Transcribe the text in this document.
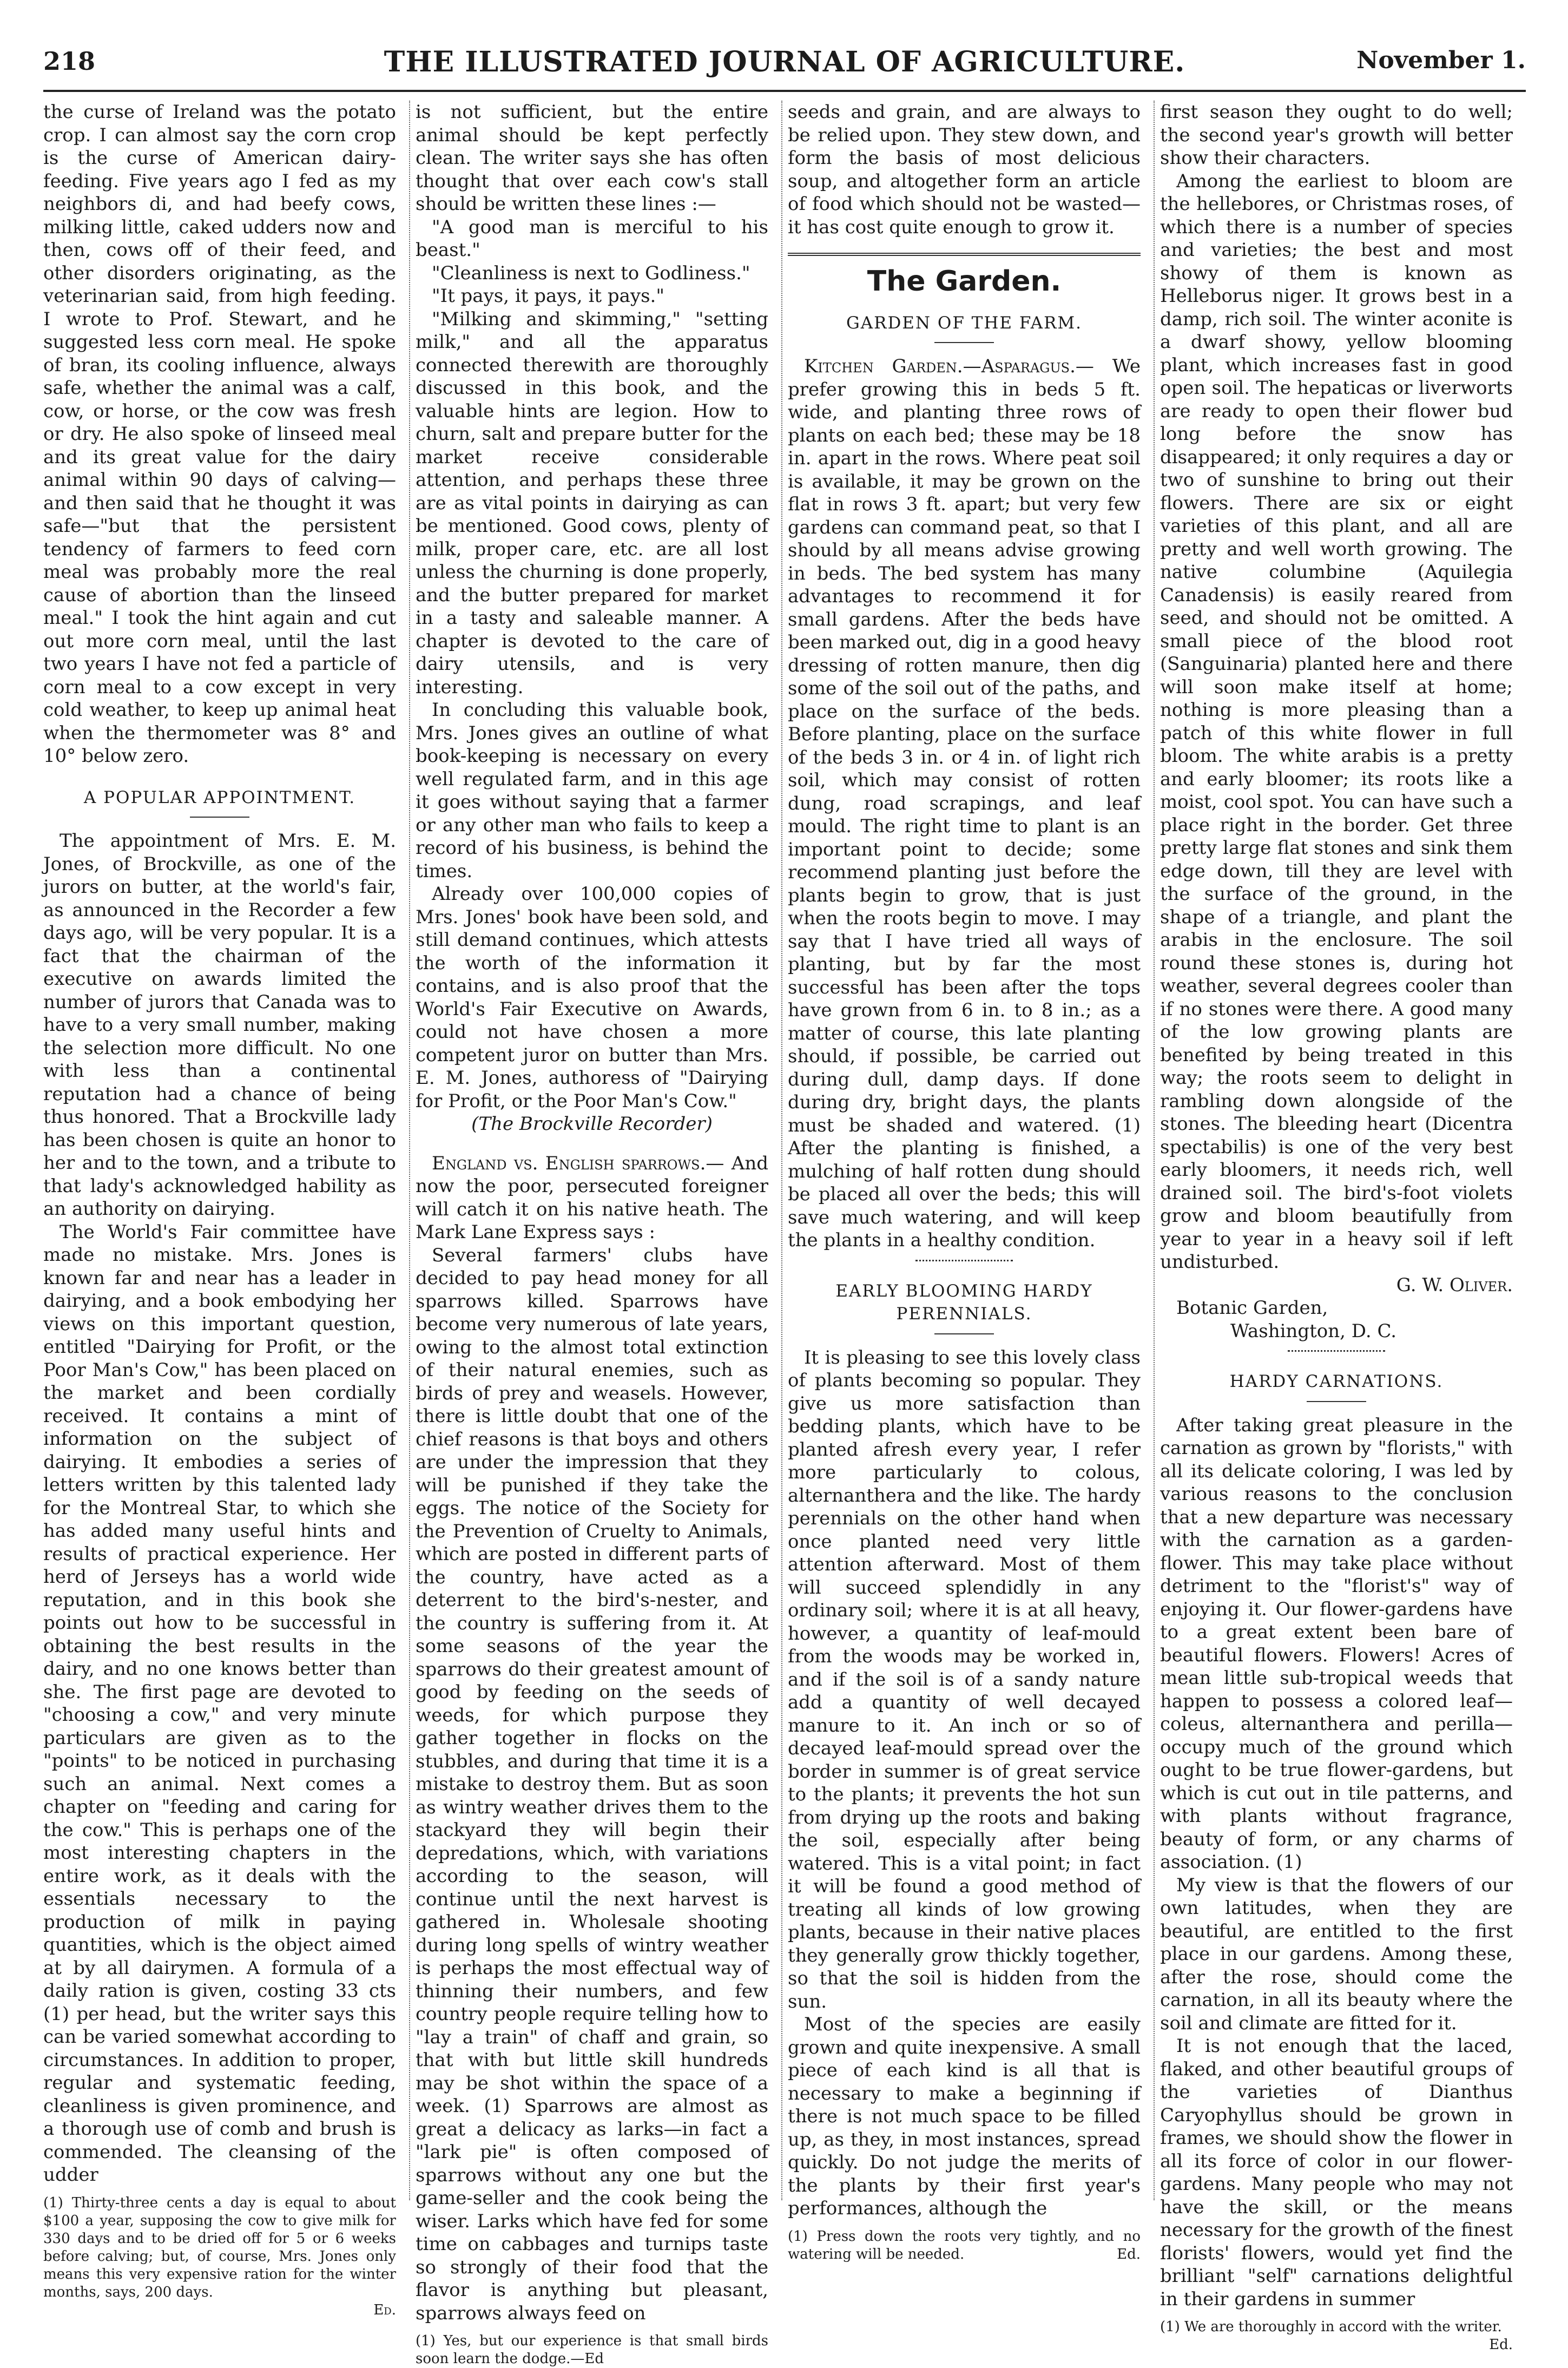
218	THE ILLUSTRATED JOURNAL OF AGRICULTURE.	November 1.

the curse of Ireland was the potato crop. I can almost say the corn crop is the curse of American dairy-feeding. Five years ago I fed as my neighbors di, and had beefy cows, milking little, caked udders now and then, cows off of their feed, and other disorders originating, as the veterinarian said, from high feeding. I wrote to Prof. Stewart, and he suggested less corn meal. He spoke of bran, its cooling influence, always safe, whether the animal was a calf, cow, or horse, or the cow was fresh or dry. He also spoke of linseed meal and its great value for the dairy animal within 90 days of calving—and then said that he thought it was safe—"but that the persistent tendency of farmers to feed corn meal was probably more the real cause of abortion than the linseed meal." I took the hint again and cut out more corn meal, until the last two years I have not fed a particle of corn meal to a cow except in very cold weather, to keep up animal heat when the thermometer was 8° and 10° below zero.

A POPULAR APPOINTMENT.

The appointment of Mrs. E. M. Jones, of Brockville, as one of the jurors on butter, at the world's fair, as announced in the Recorder a few days ago, will be very popular. It is a fact that the chairman of the executive on awards limited the number of jurors that Canada was to have to a very small number, making the selection more difficult. No one with less than a continental reputation had a chance of being thus honored. That a Brockville lady has been chosen is quite an honor to her and to the town, and a tribute to that lady's acknowledged hability as an authority on dairying.

The World's Fair committee have made no mistake. Mrs. Jones is known far and near has a leader in dairying, and a book embodying her views on this important question, entitled "Dairying for Profit, or the Poor Man's Cow," has been placed on the market and been cordially received. It contains a mint of information on the subject of dairying. It embodies a series of letters written by this talented lady for the Montreal Star, to which she has added many useful hints and results of practical experience. Her herd of Jerseys has a world wide reputation, and in this book she points out how to be successful in obtaining the best results in the dairy, and no one knows better than she. The first page are devoted to "choosing a cow," and very minute particulars are given as to the "points" to be noticed in purchasing such an animal. Next comes a chapter on "feeding and caring for the cow." This is perhaps one of the most interesting chapters in the entire work, as it deals with the essentials necessary to the production of milk in paying quantities, which is the object aimed at by all dairymen. A formula of a daily ration is given, costing 33 cts (1) per head, but the writer says this can be varied somewhat according to circumstances. In addition to proper, regular and systematic feeding, cleanliness is given prominence, and a thorough use of comb and brush is commended. The cleansing of the udder

(1) Thirty-three cents a day is equal to about $100 a year, supposing the cow to give milk for 330 days and to be dried off for 5 or 6 weeks before calving; but, of course, Mrs. Jones only means this very expensive ration for the winter months, says, 200 days.
Ed.

is not sufficient, but the entire animal should be kept perfectly clean. The writer says she has often thought that over each cow's stall should be written these lines :—

"A good man is merciful to his beast."

"Cleanliness is next to Godliness."

"It pays, it pays, it pays."

"Milking and skimming," "setting milk," and all the apparatus connected therewith are thoroughly discussed in this book, and the valuable hints are legion. How to churn, salt and prepare butter for the market receive considerable attention, and perhaps these three are as vital points in dairying as can be mentioned. Good cows, plenty of milk, proper care, etc. are all lost unless the churning is done properly, and the butter prepared for market in a tasty and saleable manner. A chapter is devoted to the care of dairy utensils, and is very interesting.

In concluding this valuable book, Mrs. Jones gives an outline of what book-keeping is necessary on every well regulated farm, and in this age it goes without saying that a farmer or any other man who fails to keep a record of his business, is behind the times.

Already over 100,000 copies of Mrs. Jones' book have been sold, and still demand continues, which attests the worth of the information it contains, and is also proof that the World's Fair Executive on Awards, could not have chosen a more competent juror on butter than Mrs. E. M. Jones, authoress of "Dairying for Profit, or the Poor Man's Cow."

(The Brockville Recorder)

England vs. English sparrows.— And now the poor, persecuted foreigner will catch it on his native heath. The Mark Lane Express says :

Several farmers' clubs have decided to pay head money for all sparrows killed. Sparrows have become very numerous of late years, owing to the almost total extinction of their natural enemies, such as birds of prey and weasels. However, there is little doubt that one of the chief reasons is that boys and others are under the impression that they will be punished if they take the eggs. The notice of the Society for the Prevention of Cruelty to Animals, which are posted in different parts of the country, have acted as a deterrent to the bird's-nester, and the country is suffering from it. At some seasons of the year the sparrows do their greatest amount of good by feeding on the seeds of weeds, for which purpose they gather together in flocks on the stubbles, and during that time it is a mistake to destroy them. But as soon as wintry weather drives them to the stackyard they will begin their depredations, which, with variations according to the season, will continue until the next harvest is gathered in. Wholesale shooting during long spells of wintry weather is perhaps the most effectual way of thinning their numbers, and few country people require telling how to "lay a train" of chaff and grain, so that with but little skill hundreds may be shot within the space of a week. (1) Sparrows are almost as great a delicacy as larks—in fact a "lark pie" is often composed of sparrows without any one but the game-seller and the cook being the wiser. Larks which have fed for some time on cabbages and turnips taste so strongly of their food that the flavor is anything but pleasant, sparrows always feed on

(1) Yes, but our experience is that small birds soon learn the dodge.—Ed

seeds and grain, and are always to be relied upon. They stew down, and form the basis of most delicious soup, and altogether form an article of food which should not be wasted—it has cost quite enough to grow it.

The Garden.
GARDEN OF THE FARM.

Kitchen Garden.—Asparagus.— We prefer growing this in beds 5 ft. wide, and planting three rows of plants on each bed; these may be 18 in. apart in the rows. Where peat soil is available, it may be grown on the flat in rows 3 ft. apart; but very few gardens can command peat, so that I should by all means advise growing in beds. The bed system has many advantages to recommend it for small gardens. After the beds have been marked out, dig in a good heavy dressing of rotten manure, then dig some of the soil out of the paths, and place on the surface of the beds. Before planting, place on the surface of the beds 3 in. or 4 in. of light rich soil, which may consist of rotten dung, road scrapings, and leaf mould. The right time to plant is an important point to decide; some recommend planting just before the plants begin to grow, that is just when the roots begin to move. I may say that I have tried all ways of planting, but by far the most successful has been after the tops have grown from 6 in. to 8 in.; as a matter of course, this late planting should, if possible, be carried out during dull, damp days. If done during dry, bright days, the plants must be shaded and watered. (1) After the planting is finished, a mulching of half rotten dung should be placed all over the beds; this will save much watering, and will keep the plants in a healthy condition.

EARLY BLOOMING HARDY PERENNIALS.

It is pleasing to see this lovely class of plants becoming so popular. They give us more satisfaction than bedding plants, which have to be planted afresh every year, I refer more particularly to colous, alternanthera and the like. The hardy perennials on the other hand when once planted need very little attention afterward. Most of them will succeed splendidly in any ordinary soil; where it is at all heavy, however, a quantity of leaf-mould from the woods may be worked in, and if the soil is of a sandy nature add a quantity of well decayed manure to it. An inch or so of decayed leaf-mould spread over the border in summer is of great service to the plants; it prevents the hot sun from drying up the roots and baking the soil, especially after being watered. This is a vital point; in fact it will be found a good method of treating all kinds of low growing plants, because in their native places they generally grow thickly together, so that the soil is hidden from the sun.

Most of the species are easily grown and quite inexpensive. A small piece of each kind is all that is necessary to make a beginning if there is not much space to be filled up, as they, in most instances, spread quickly. Do not judge the merits of the plants by their first year's performances, although the

(1) Press down the roots very tightly, and no watering will be needed.	Ed.

first season they ought to do well; the second year's growth will better show their characters.

Among the earliest to bloom are the hellebores, or Christmas roses, of which there is a number of species and varieties; the best and most showy of them is known as Helleborus niger. It grows best in a damp, rich soil. The winter aconite is a dwarf showy, yellow blooming plant, which increases fast in good open soil. The hepaticas or liverworts are ready to open their flower bud long before the snow has disappeared; it only requires a day or two of sunshine to bring out their flowers. There are six or eight varieties of this plant, and all are pretty and well worth growing. The native columbine (Aquilegia Canadensis) is easily reared from seed, and should not be omitted. A small piece of the blood root (Sanguinaria) planted here and there will soon make itself at home; nothing is more pleasing than a patch of this white flower in full bloom. The white arabis is a pretty and early bloomer; its roots like a moist, cool spot. You can have such a place right in the border. Get three pretty large flat stones and sink them edge down, till they are level with the surface of the ground, in the shape of a triangle, and plant the arabis in the enclosure. The soil round these stones is, during hot weather, several degrees cooler than if no stones were there. A good many of the low growing plants are benefited by being treated in this way; the roots seem to delight in rambling down alongside of the stones. The bleeding heart (Dicentra spectabilis) is one of the very best early bloomers, it needs rich, well drained soil. The bird's-foot violets grow and bloom beautifully from year to year in a heavy soil if left undisturbed.

G. W. Oliver.

Botanic Garden,

Washington, D. C.

HARDY CARNATIONS.

After taking great pleasure in the carnation as grown by "florists," with all its delicate coloring, I was led by various reasons to the conclusion that a new departure was necessary with the carnation as a garden-flower. This may take place without detriment to the "florist's" way of enjoying it. Our flower-gardens have to a great extent been bare of beautiful flowers. Flowers! Acres of mean little sub-tropical weeds that happen to possess a colored leaf—coleus, alternanthera and perilla—occupy much of the ground which ought to be true flower-gardens, but which is cut out in tile patterns, and with plants without fragrance, beauty of form, or any charms of association. (1)

My view is that the flowers of our own latitudes, when they are beautiful, are entitled to the first place in our gardens. Among these, after the rose, should come the carnation, in all its beauty where the soil and climate are fitted for it.

It is not enough that the laced, flaked, and other beautiful groups of the varieties of Dianthus Caryophyllus should be grown in frames, we should show the flower in all its force of color in our flower-gardens. Many people who may not have the skill, or the means necessary for the growth of the finest florists' flowers, would yet find the brilliant "self" carnations delightful in their gardens in summer

(1) We are thoroughly in accord with the writer.
Ed.
